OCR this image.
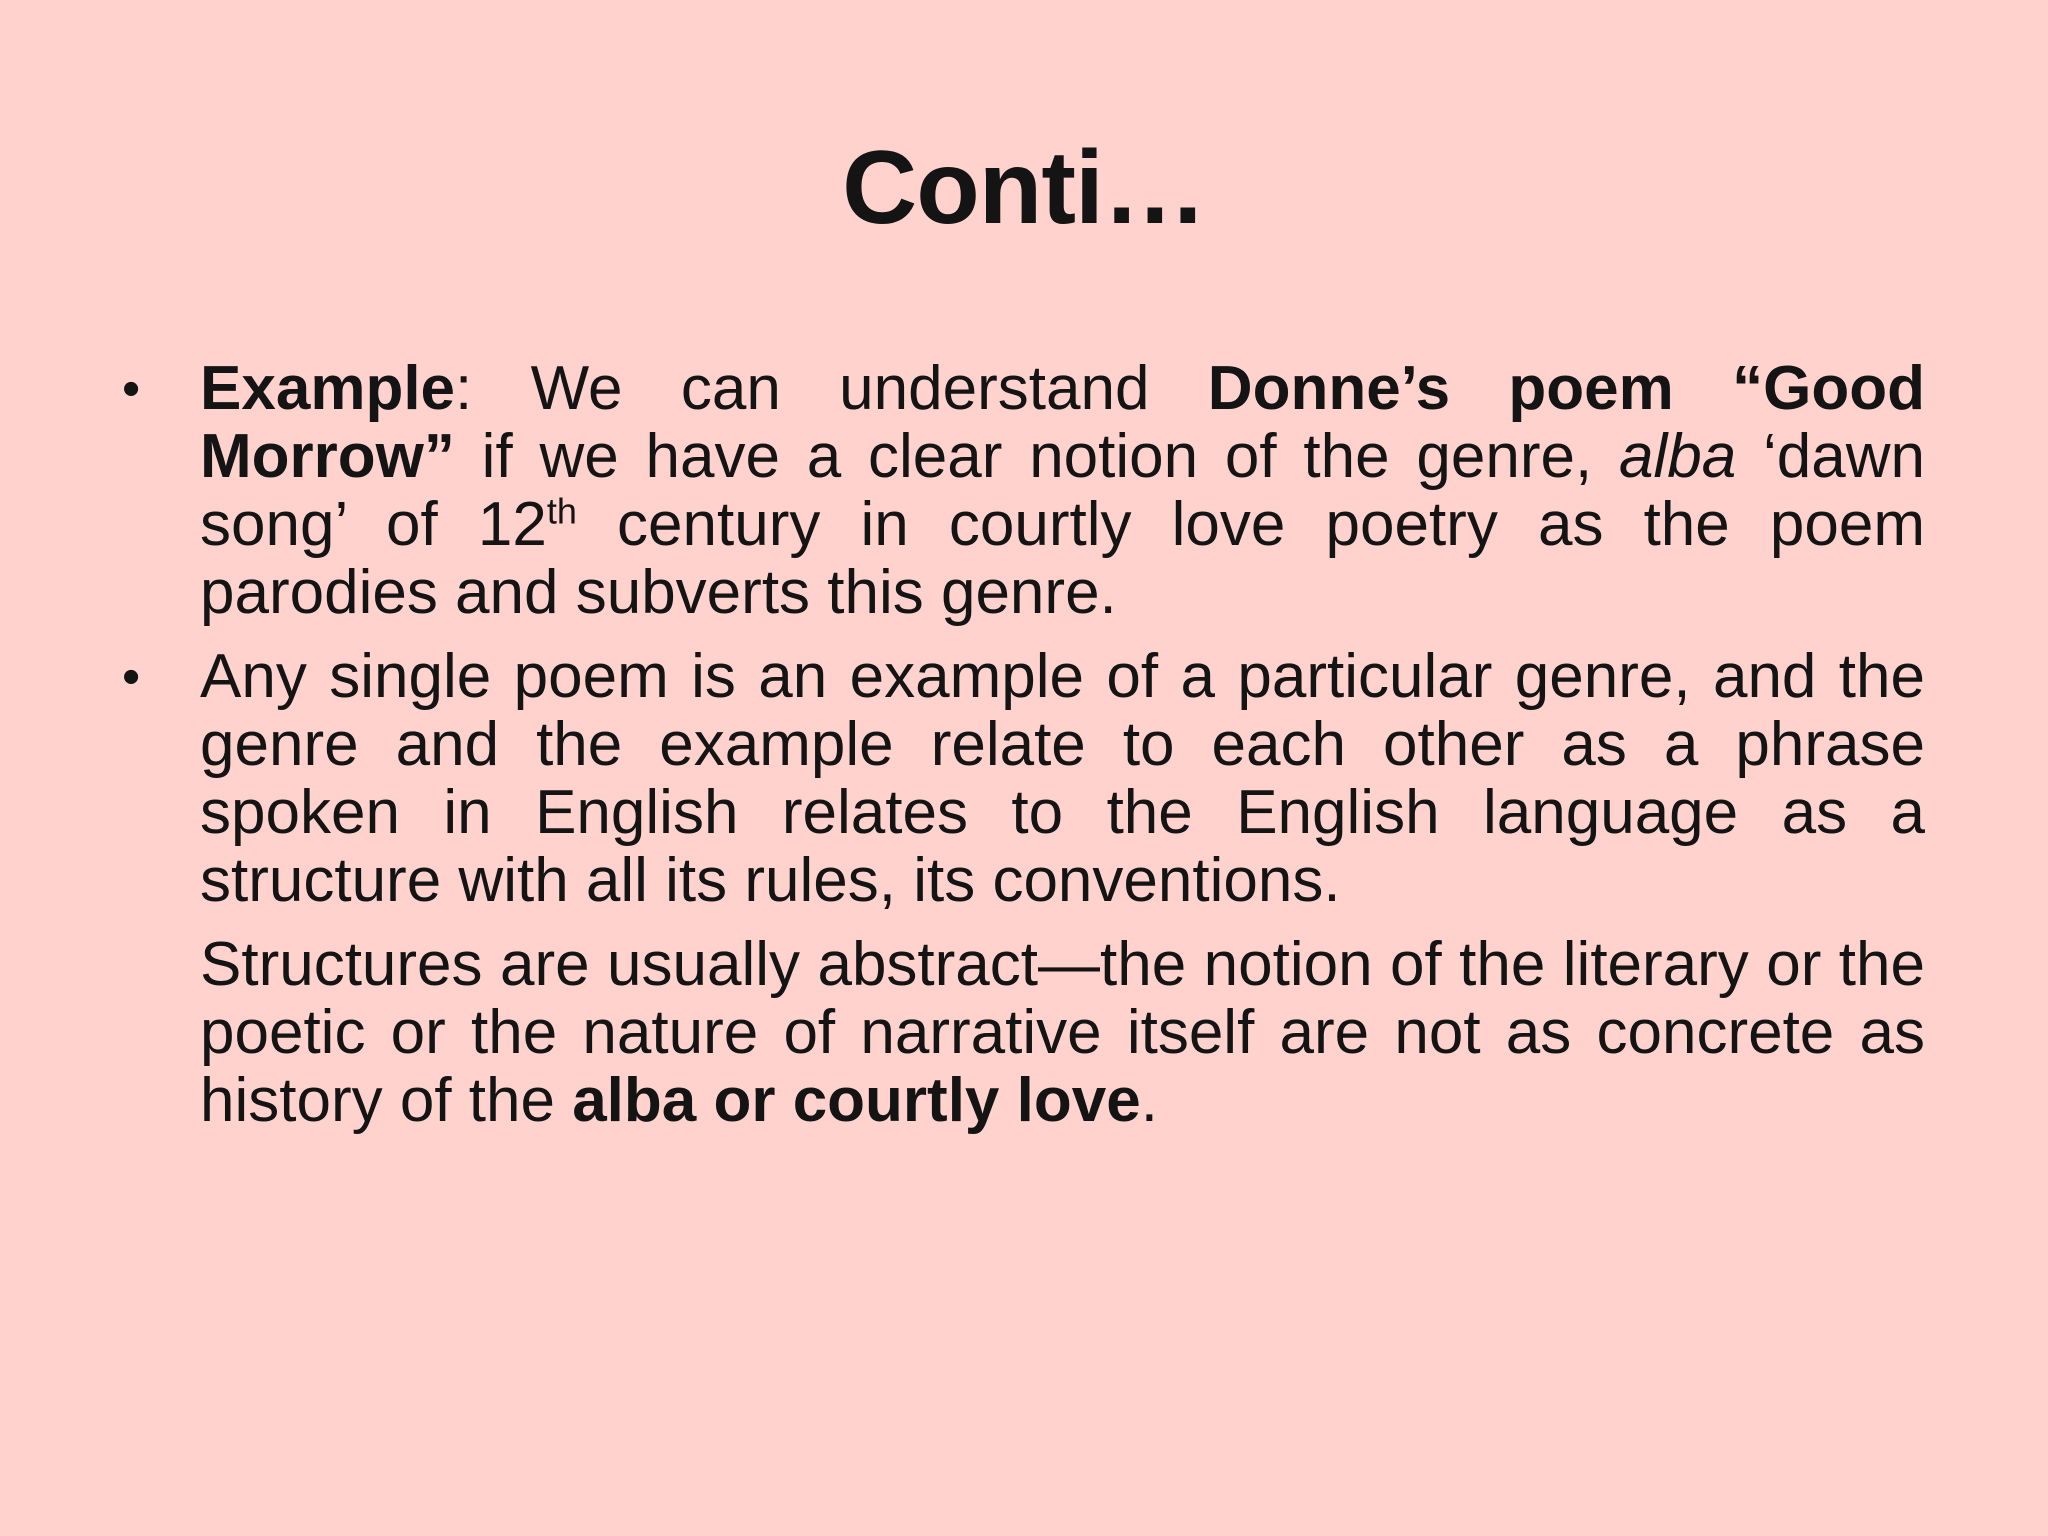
Conti…

• Example: We can understand Donne’s poem “Good Morrow” if we have a clear notion of the genre, alba ‘dawn song’ of 12th century in courtly love poetry as the poem parodies and subverts this genre.

• Any single poem is an example of a particular genre, and the genre and the example relate to each other as a phrase spoken in English relates to the English language as a structure with all its rules, its conventions.

Structures are usually abstract—the notion of the literary or the poetic or the nature of narrative itself are not as concrete as history of the alba or courtly love.
